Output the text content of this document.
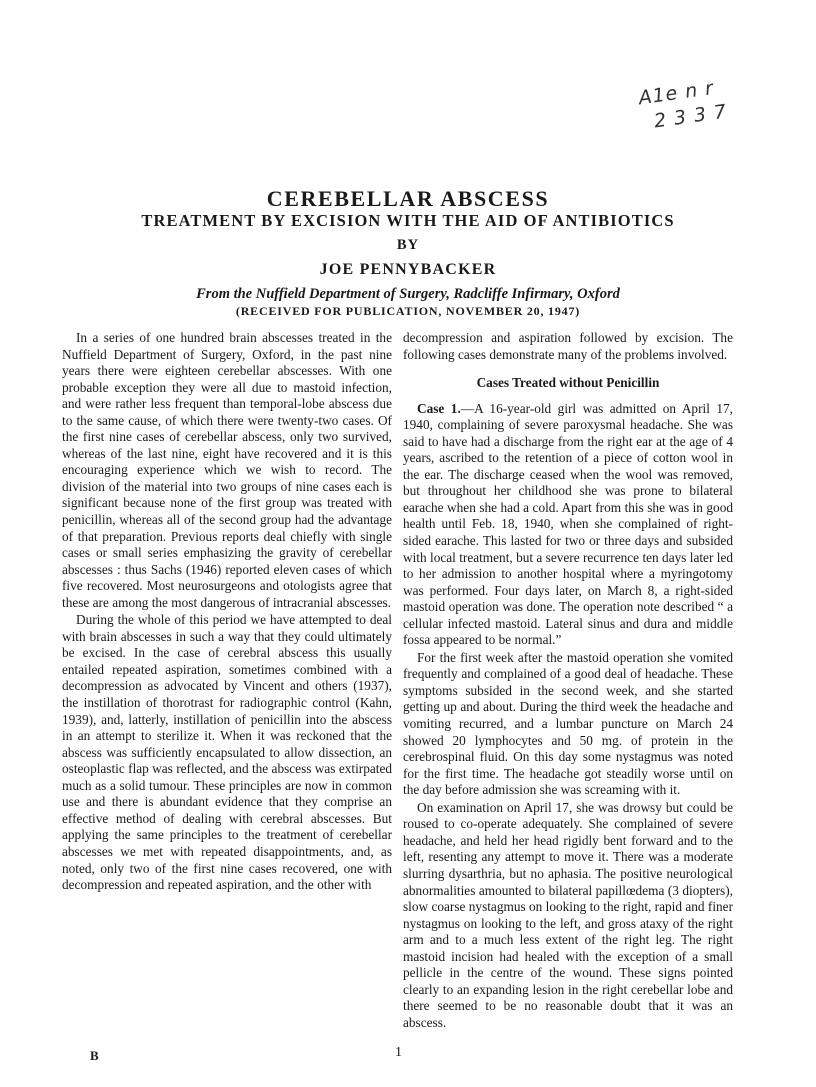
A1e n r
2 3 3 7
CEREBELLAR ABSCESS
TREATMENT BY EXCISION WITH THE AID OF ANTIBIOTICS
BY
JOE PENNYBACKER
From the Nuffield Department of Surgery, Radcliffe Infirmary, Oxford
(RECEIVED FOR PUBLICATION, NOVEMBER 20, 1947)

In a series of one hundred brain abscesses treated in the Nuffield Department of Surgery, Oxford, in the past nine years there were eighteen cerebellar abscesses. With one probable exception they were all due to mastoid infection, and were rather less frequent than temporal-lobe abscess due to the same cause, of which there were twenty-two cases. Of the first nine cases of cerebellar abscess, only two survived, whereas of the last nine, eight have recovered and it is this encouraging experience which we wish to record. The division of the material into two groups of nine cases each is significant because none of the first group was treated with penicillin, whereas all of the second group had the advantage of that preparation. Previous reports deal chiefly with single cases or small series emphasizing the gravity of cerebellar abscesses : thus Sachs (1946) reported eleven cases of which five recovered. Most neurosurgeons and otologists agree that these are among the most dangerous of intracranial abscesses.

During the whole of this period we have attempted to deal with brain abscesses in such a way that they could ultimately be excised. In the case of cerebral abscess this usually entailed repeated aspiration, sometimes combined with a decompression as advocated by Vincent and others (1937), the instillation of thorotrast for radiographic control (Kahn, 1939), and, latterly, instillation of penicillin into the abscess in an attempt to sterilize it. When it was reckoned that the abscess was sufficiently encapsulated to allow dissection, an osteoplastic flap was reflected, and the abscess was extirpated much as a solid tumour. These principles are now in common use and there is abundant evidence that they comprise an effective method of dealing with cerebral abscesses. But applying the same principles to the treatment of cerebellar abscesses we met with repeated disappointments, and, as noted, only two of the first nine cases recovered, one with decompression and repeated aspiration, and the other with

decompression and aspiration followed by excision. The following cases demonstrate many of the problems involved.

Cases Treated without Penicillin

Case 1.—A 16-year-old girl was admitted on April 17, 1940, complaining of severe paroxysmal headache. She was said to have had a discharge from the right ear at the age of 4 years, ascribed to the retention of a piece of cotton wool in the ear. The discharge ceased when the wool was removed, but throughout her childhood she was prone to bilateral earache when she had a cold. Apart from this she was in good health until Feb. 18, 1940, when she complained of right-sided earache. This lasted for two or three days and subsided with local treatment, but a severe recurrence ten days later led to her admission to another hospital where a myringotomy was performed. Four days later, on March 8, a right-sided mastoid operation was done. The operation note described “ a cellular infected mastoid. Lateral sinus and dura and middle fossa appeared to be normal.”

For the first week after the mastoid operation she vomited frequently and complained of a good deal of headache. These symptoms subsided in the second week, and she started getting up and about. During the third week the headache and vomiting recurred, and a lumbar puncture on March 24 showed 20 lymphocytes and 50 mg. of protein in the cerebrospinal fluid. On this day some nystagmus was noted for the first time. The headache got steadily worse until on the day before admission she was screaming with it.

On examination on April 17, she was drowsy but could be roused to co-operate adequately. She complained of severe headache, and held her head rigidly bent forward and to the left, resenting any attempt to move it. There was a moderate slurring dysarthria, but no aphasia. The positive neurological abnormalities amounted to bilateral papillœdema (3 diopters), slow coarse nystagmus on looking to the right, rapid and finer nystagmus on looking to the left, and gross ataxy of the right arm and to a much less extent of the right leg. The right mastoid incision had healed with the exception of a small pellicle in the centre of the wound. These signs pointed clearly to an expanding lesion in the right cerebellar lobe and there seemed to be no reasonable doubt that it was an abscess.

B	1
